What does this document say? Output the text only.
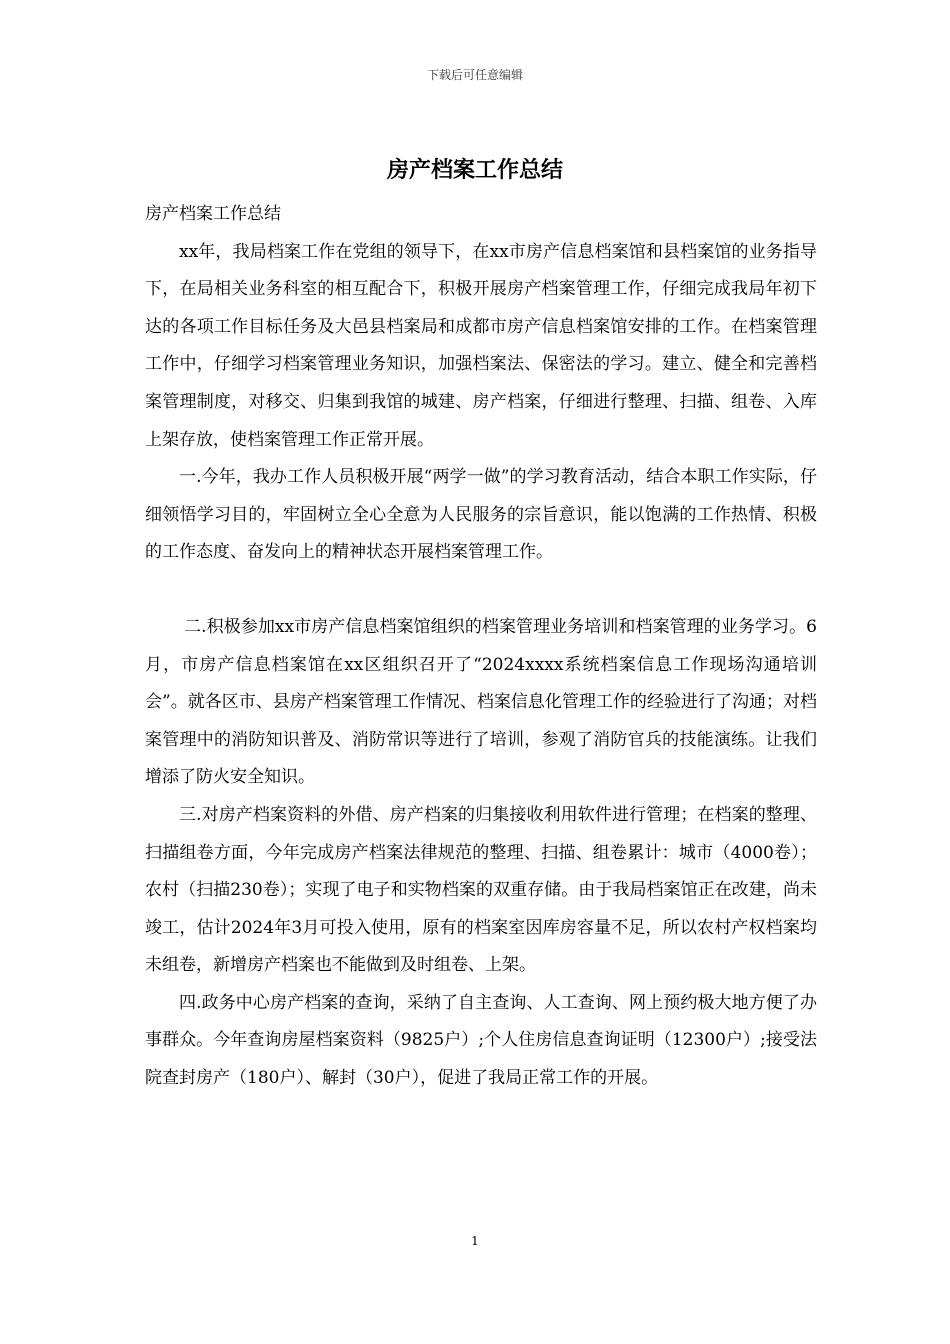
下载后可任意编辑
房产档案工作总结

房产档案工作总结

xx年，我局档案工作在党组的领导下，在xx市房产信息档案馆和县档案馆的业务指导下，在局相关业务科室的相互配合下，积极开展房产档案管理工作，仔细完成我局年初下达的各项工作目标任务及大邑县档案局和成都市房产信息档案馆安排的工作。在档案管理工作中，仔细学习档案管理业务知识，加强档案法、保密法的学习。建立、健全和完善档案管理制度，对移交、归集到我馆的城建、房产档案，仔细进行整理、扫描、组卷、入库上架存放，使档案管理工作正常开展。

一.今年，我办工作人员积极开展“两学一做”的学习教育活动，结合本职工作实际，仔细领悟学习目的，牢固树立全心全意为人民服务的宗旨意识，能以饱满的工作热情、积极的工作态度、奋发向上的精神状态开展档案管理工作。

二.积极参加xx市房产信息档案馆组织的档案管理业务培训和档案管理的业务学习。6月，市房产信息档案馆在xx区组织召开了“2024xxxx系统档案信息工作现场沟通培训会”。就各区市、县房产档案管理工作情况、档案信息化管理工作的经验进行了沟通；对档案管理中的消防知识普及、消防常识等进行了培训，参观了消防官兵的技能演练。让我们增添了防火安全知识。

三.对房产档案资料的外借、房产档案的归集接收利用软件进行管理；在档案的整理、扫描组卷方面，今年完成房产档案法律规范的整理、扫描、组卷累计：城市（4000卷）；农村（扫描230卷）；实现了电子和实物档案的双重存储。由于我局档案馆正在改建，尚未竣工，估计2024年3月可投入使用，原有的档案室因库房容量不足，所以农村产权档案均未组卷，新增房产档案也不能做到及时组卷、上架。

四.政务中心房产档案的查询，采纳了自主查询、人工查询、网上预约极大地方便了办事群众。今年查询房屋档案资料（9825户）;个人住房信息查询证明（12300户）;接受法院查封房产（180户）、解封（30户），促进了我局正常工作的开展。

1
